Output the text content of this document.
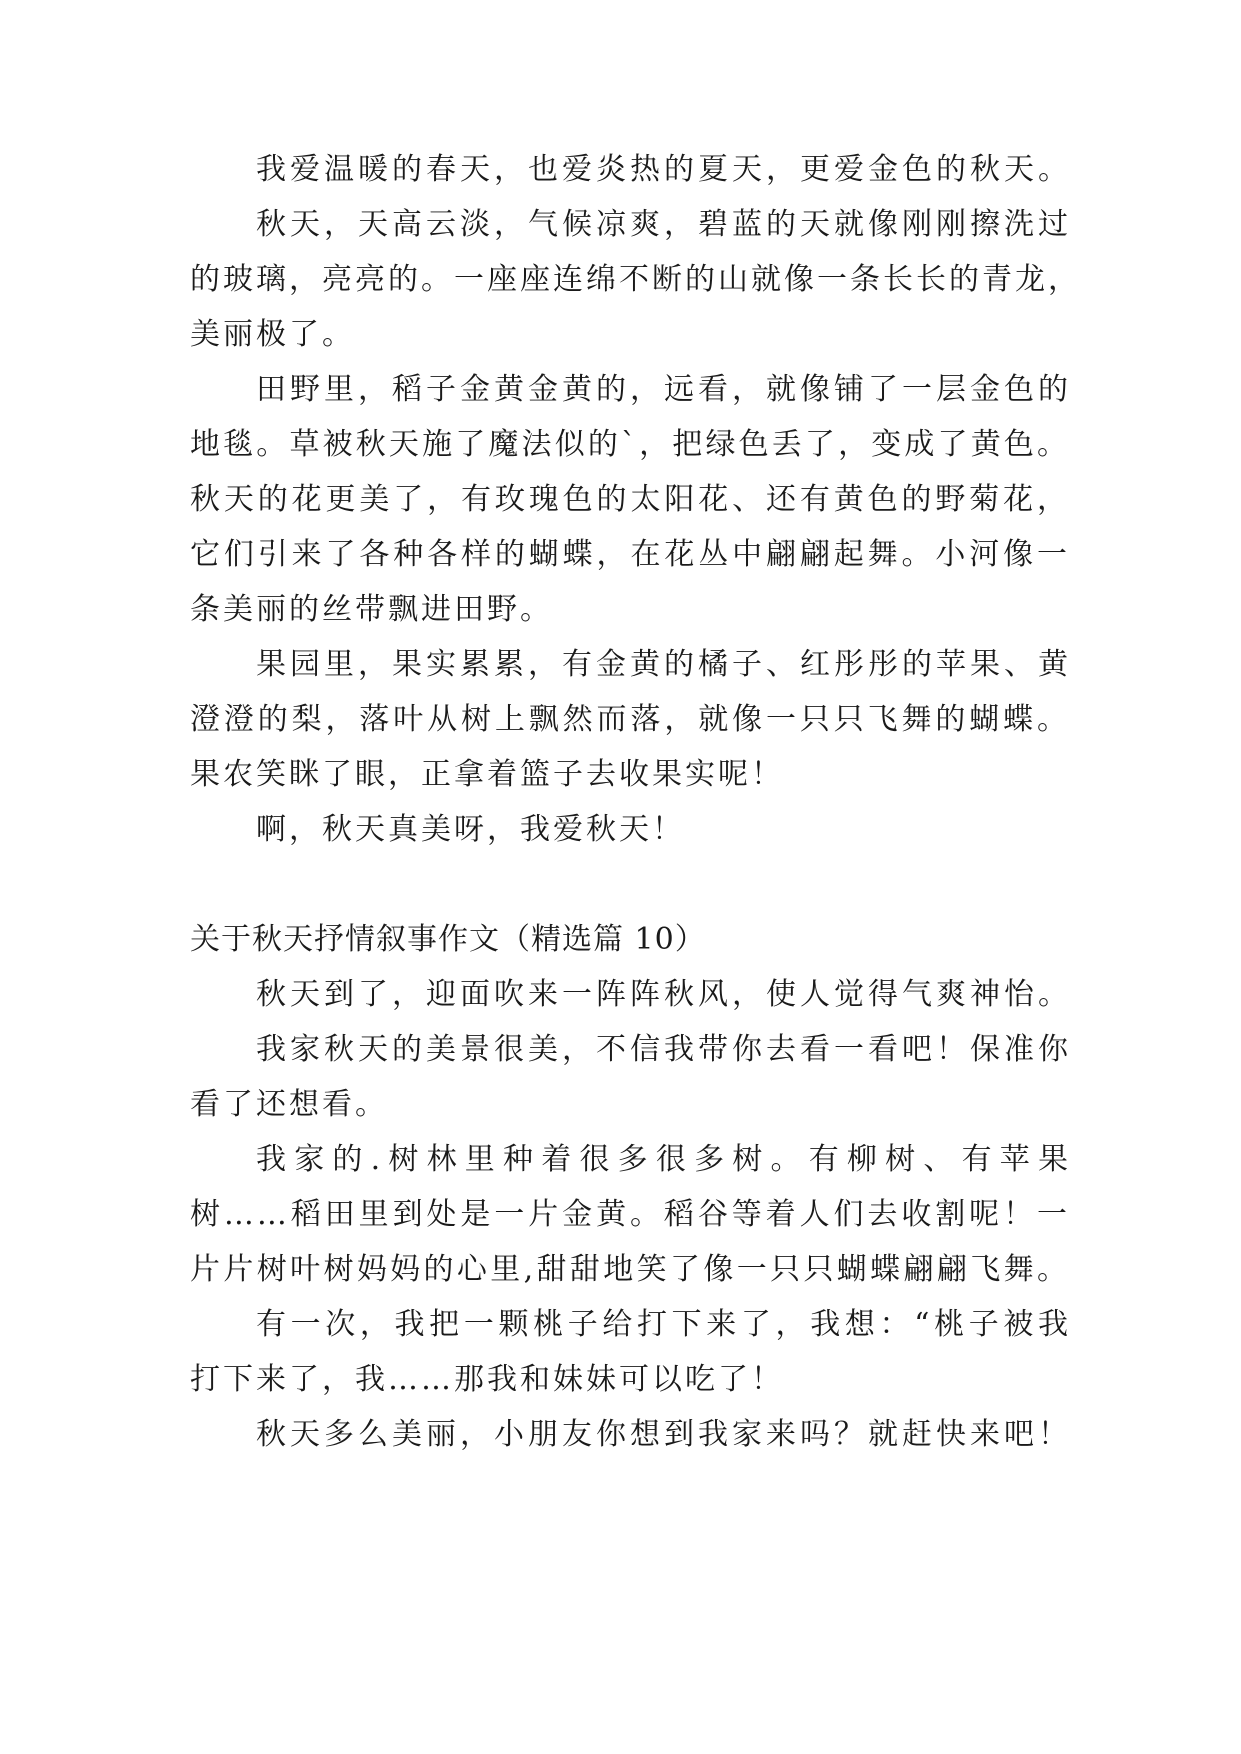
我爱温暖的春天，也爱炎热的夏天，更爱金色的秋天。
秋天，天高云淡，气候凉爽，碧蓝的天就像刚刚擦洗过
的玻璃，亮亮的。一座座连绵不断的山就像一条长长的青龙，
美丽极了。
田野里，稻子金黄金黄的，远看，就像铺了一层金色的
地毯。草被秋天施了魔法似的`，把绿色丢了，变成了黄色。
秋天的花更美了，有玫瑰色的太阳花、还有黄色的野菊花，
它们引来了各种各样的蝴蝶，在花丛中翩翩起舞。小河像一
条美丽的丝带飘进田野。
果园里，果实累累，有金黄的橘子、红彤彤的苹果、黄
澄澄的梨，落叶从树上飘然而落，就像一只只飞舞的蝴蝶。
果农笑眯了眼，正拿着篮子去收果实呢！
啊，秋天真美呀，我爱秋天！
关于秋天抒情叙事作文（精选篇 10）
秋天到了，迎面吹来一阵阵秋风，使人觉得气爽神怡。
我家秋天的美景很美，不信我带你去看一看吧！保准你
看了还想看。
我家的.树林里种着很多很多树。有柳树、有苹果
树……稻田里到处是一片金黄。稻谷等着人们去收割呢！一
片片树叶树妈妈的心里,甜甜地笑了像一只只蝴蝶翩翩飞舞。
有一次，我把一颗桃子给打下来了，我想：“桃子被我
打下来了，我……那我和妹妹可以吃了！
秋天多么美丽，小朋友你想到我家来吗？就赶快来吧！
